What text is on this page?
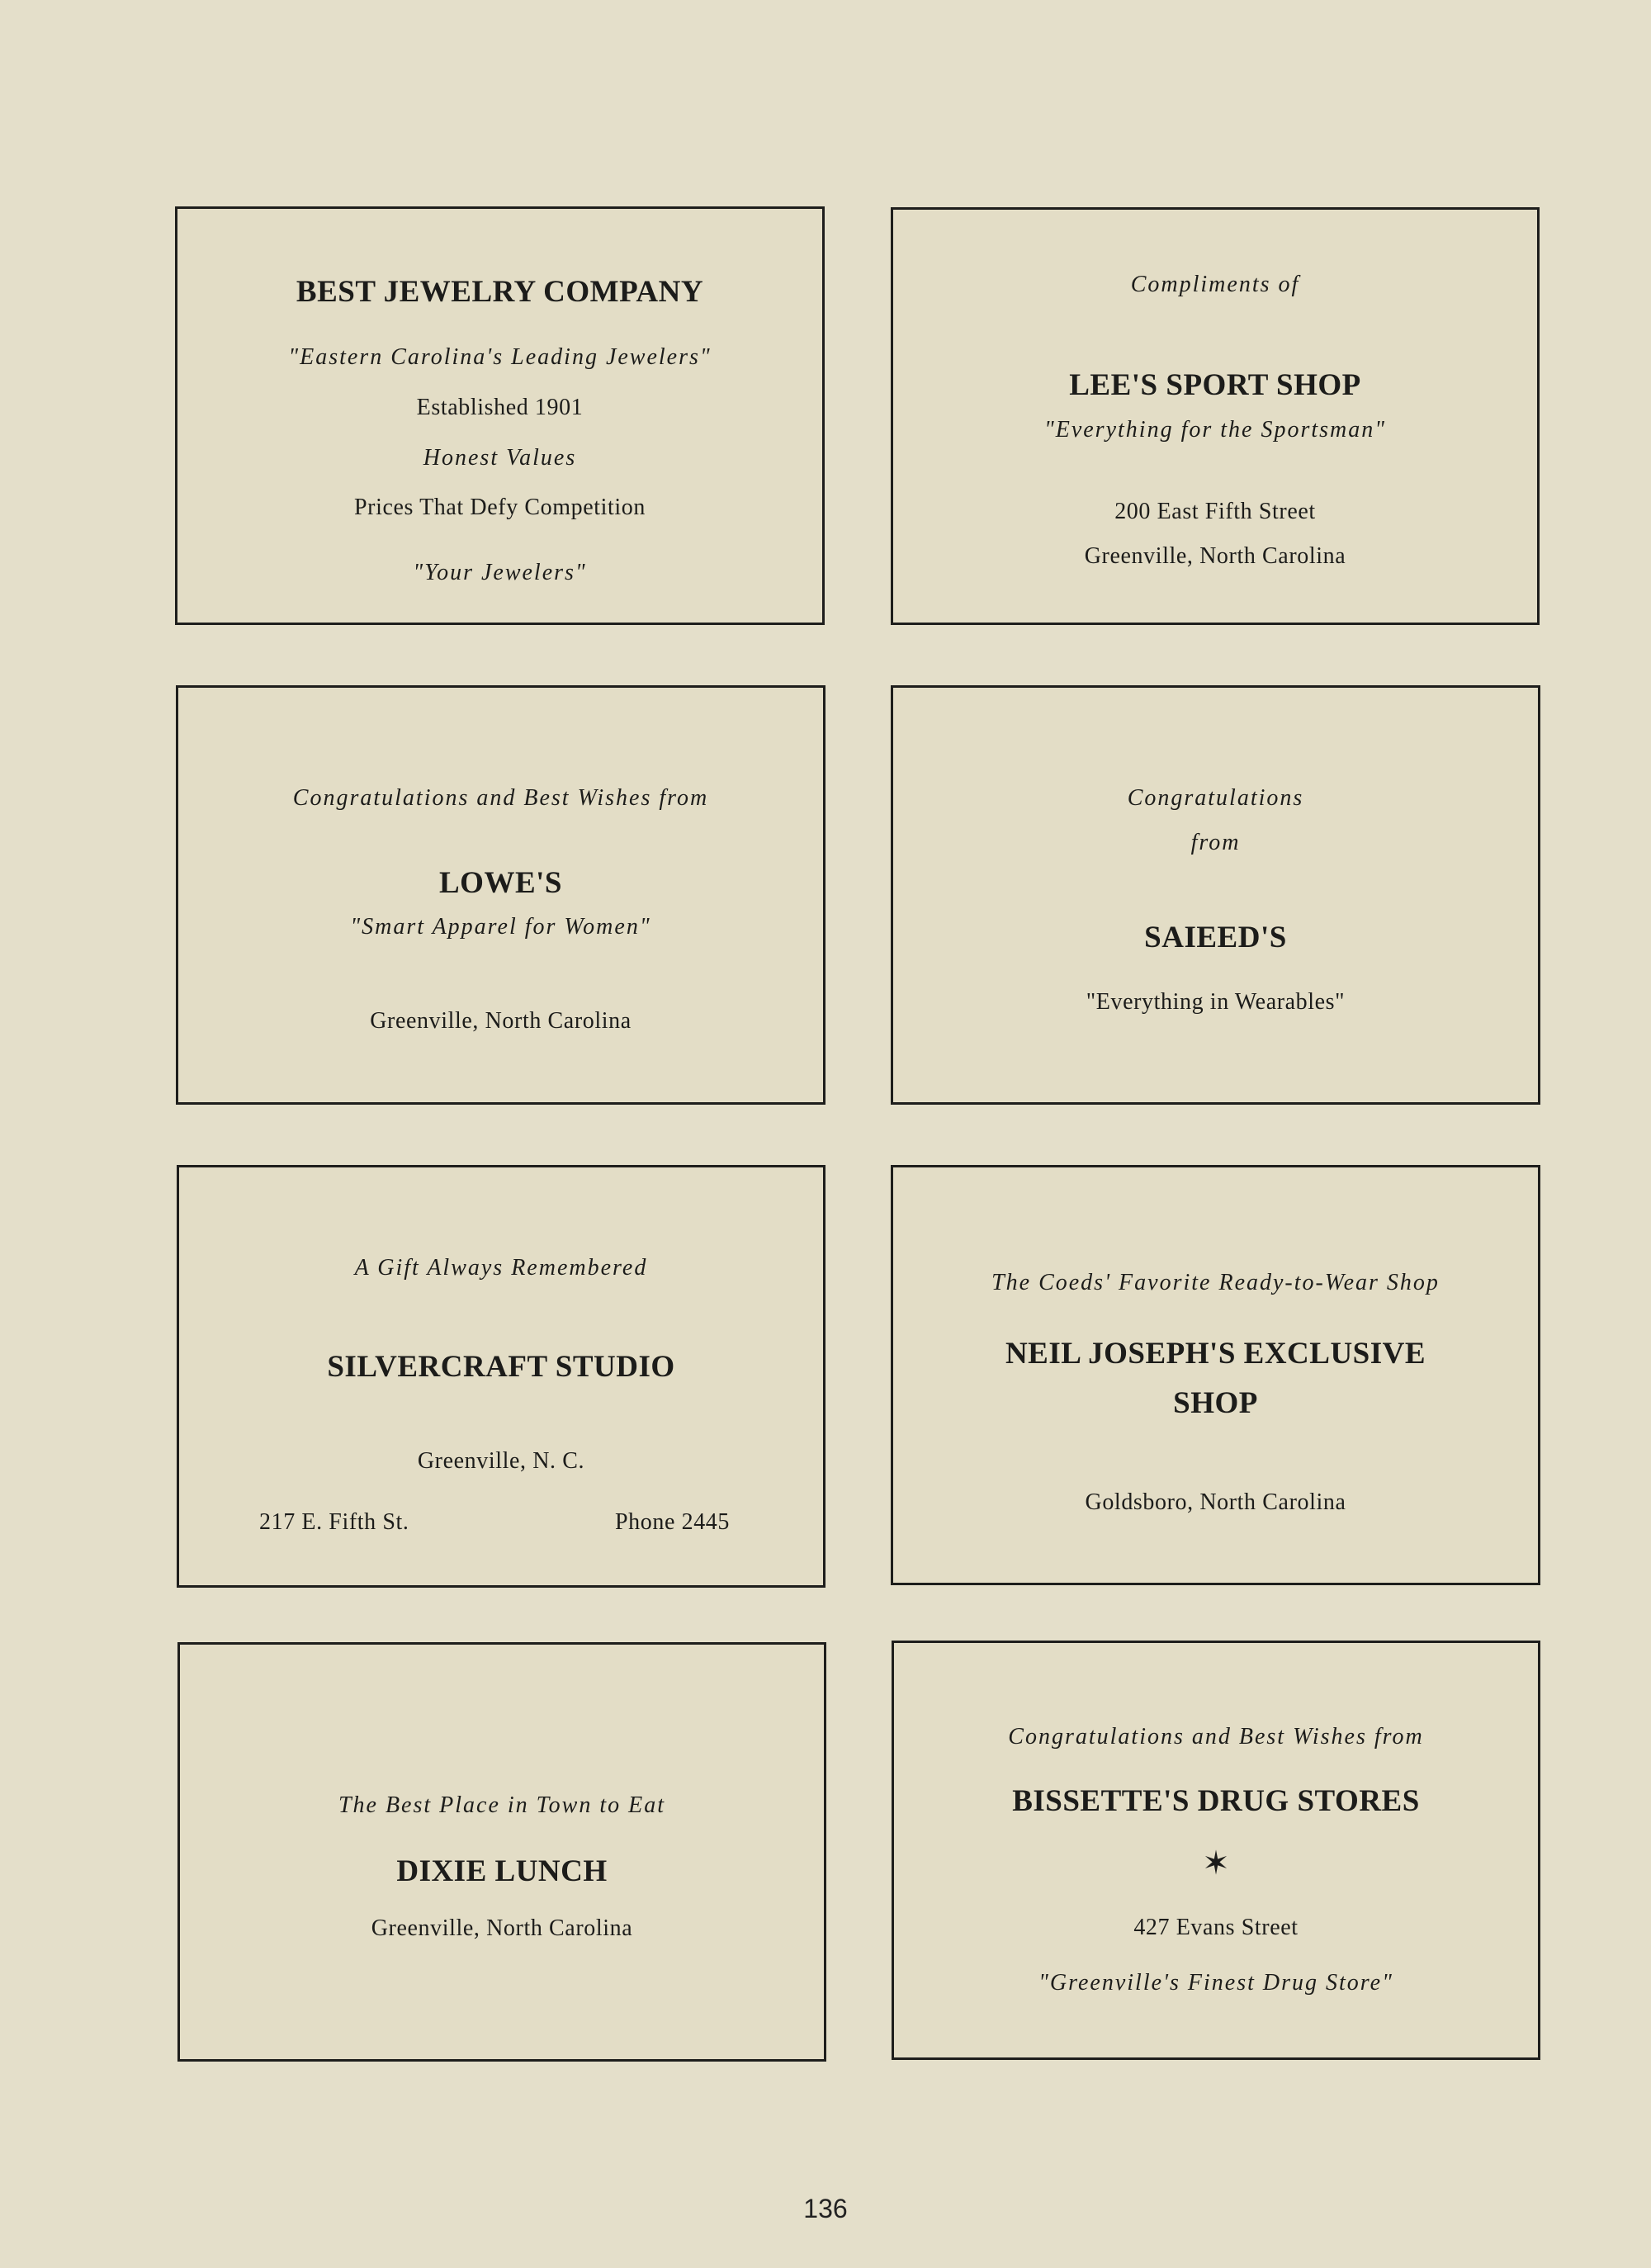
BEST JEWELRY COMPANY
"Eastern Carolina's Leading Jewelers"
Established 1901
Honest Values
Prices That Defy Competition
"Your Jewelers"
Compliments of
LEE'S SPORT SHOP
"Everything for the Sportsman"
200 East Fifth Street
Greenville, North Carolina
Congratulations and Best Wishes from
LOWE'S
"Smart Apparel for Women"
Greenville, North Carolina
Congratulations
from
SAIEED'S
"Everything in Wearables"
A Gift Always Remembered
SILVERCRAFT STUDIO
Greenville, N. C.
217 E. Fifth St.	Phone 2445
The Coeds' Favorite Ready-to-Wear Shop
NEIL JOSEPH'S EXCLUSIVE
SHOP
Goldsboro, North Carolina
The Best Place in Town to Eat
DIXIE LUNCH
Greenville, North Carolina
Congratulations and Best Wishes from
BISSETTE'S DRUG STORES
✶
427 Evans Street
"Greenville's Finest Drug Store"
136
